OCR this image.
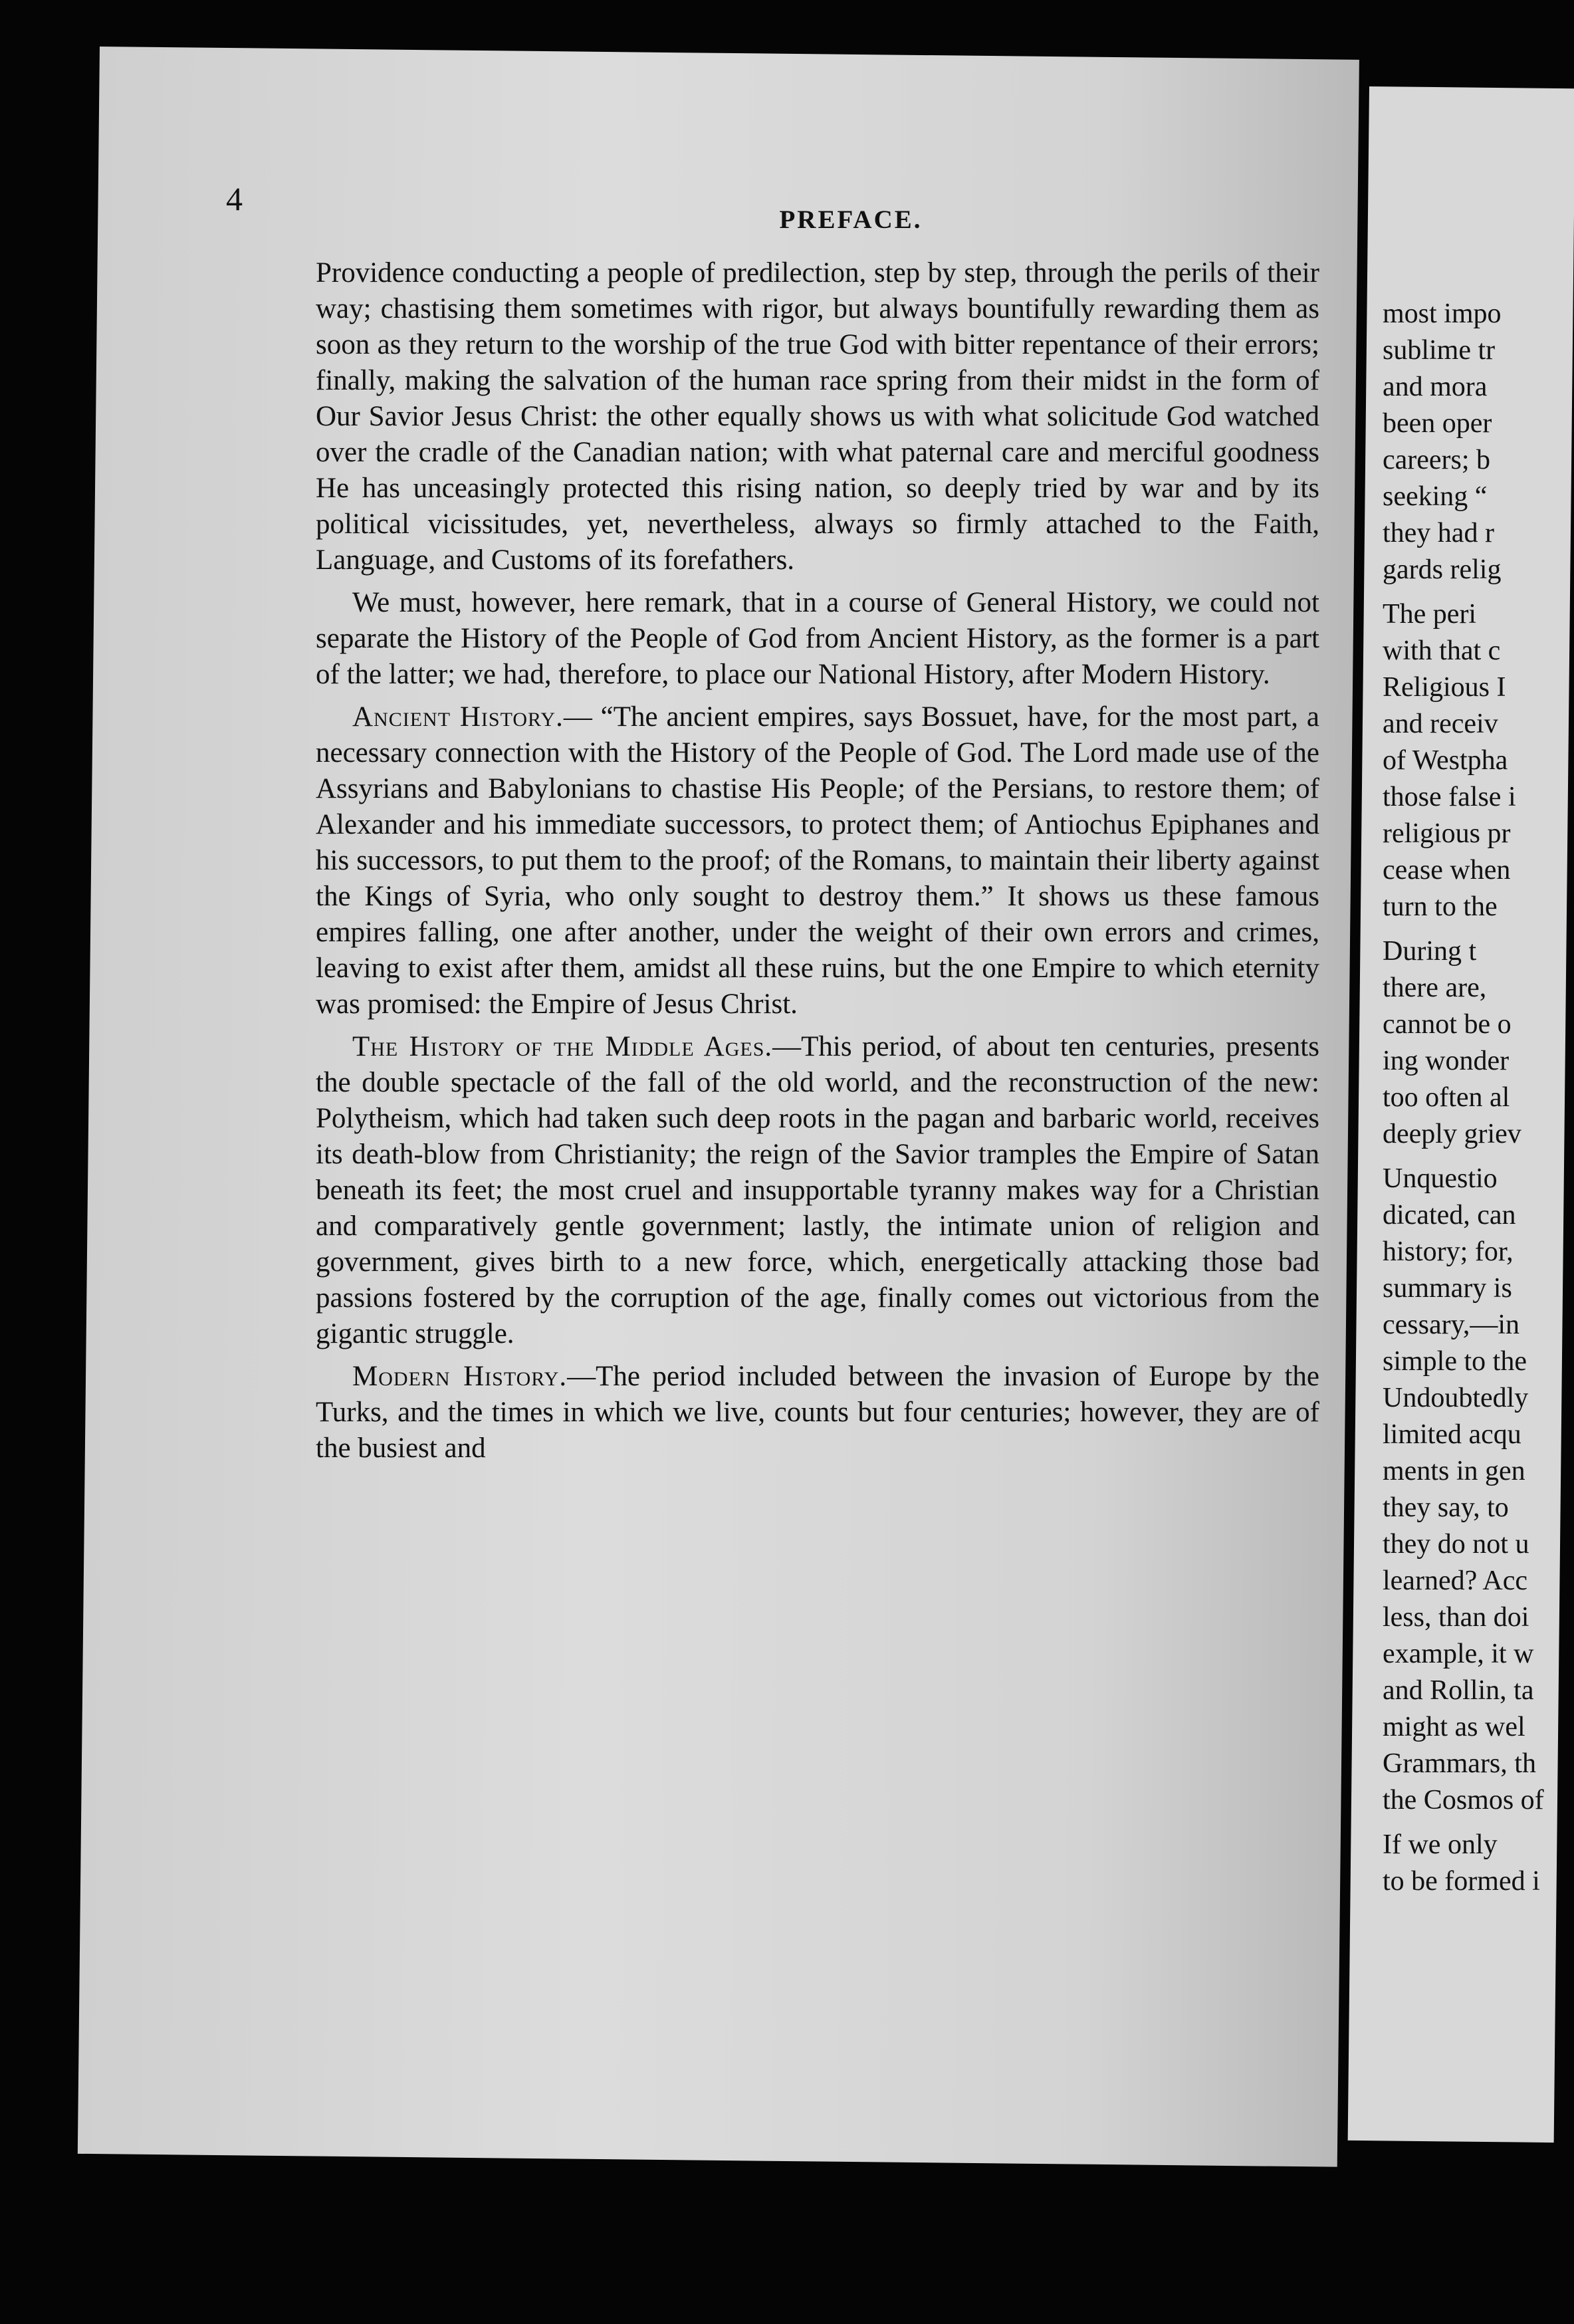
4
PREFACE.

Providence conducting a people of predilection, step by step, through the perils of their way; chastising them sometimes with rigor, but always bountifully rewarding them as soon as they return to the worship of the true God with bitter repentance of their errors; finally, making the salvation of the human race spring from their midst in the form of Our Savior Jesus Christ: the other equally shows us with what solicitude God watched over the cradle of the Canadian nation; with what paternal care and merciful goodness He has unceasingly protected this rising nation, so deeply tried by war and by its political vicissitudes, yet, nevertheless, always so firmly attached to the Faith, Language, and Customs of its forefathers.

We must, however, here remark, that in a course of General History, we could not separate the History of the People of God from Ancient History, as the former is a part of the latter; we had, therefore, to place our National History, after Modern History.

Ancient History.— “The ancient empires, says Bossuet, have, for the most part, a necessary connection with the History of the People of God. The Lord made use of the Assyrians and Babylonians to chastise His People; of the Persians, to restore them; of Alexander and his immediate successors, to protect them; of Antiochus Epiphanes and his successors, to put them to the proof; of the Romans, to maintain their liberty against the Kings of Syria, who only sought to destroy them.” It shows us these famous empires falling, one after another, under the weight of their own errors and crimes, leaving to exist after them, amidst all these ruins, but the one Empire to which eternity was promised: the Empire of Jesus Christ.

The History of the Middle Ages.—This period, of about ten centuries, presents the double spectacle of the fall of the old world, and the reconstruction of the new: Polytheism, which had taken such deep roots in the pagan and barbaric world, receives its death-blow from Christianity; the reign of the Savior tramples the Empire of Satan beneath its feet; the most cruel and insupportable tyranny makes way for a Christian and comparatively gentle government; lastly, the intimate union of religion and government, gives birth to a new force, which, energetically attacking those bad passions fostered by the corruption of the age, finally comes out victorious from the gigantic struggle.

Modern History.—The period included between the invasion of Europe by the Turks, and the times in which we live, counts but four centuries; however, they are of the busiest and

most impo
sublime tr
and mora
been oper
careers; b
seeking “
they had r
gards relig
The peri
with that c
Religious I
and receiv
of Westpha
those false i
religious pr
cease when
turn to the
During t
there are,
cannot be o
ing wonder
too often al
deeply griev
Unquestio
dicated, can
history; for,
summary is
cessary,—in
simple to the
Undoubtedly
limited acqu
ments in gen
they say, to
they do not u
learned? Acc
less, than doi
example, it w
and Rollin, ta
might as wel
Grammars, th
the Cosmos of
If we only
to be formed i
